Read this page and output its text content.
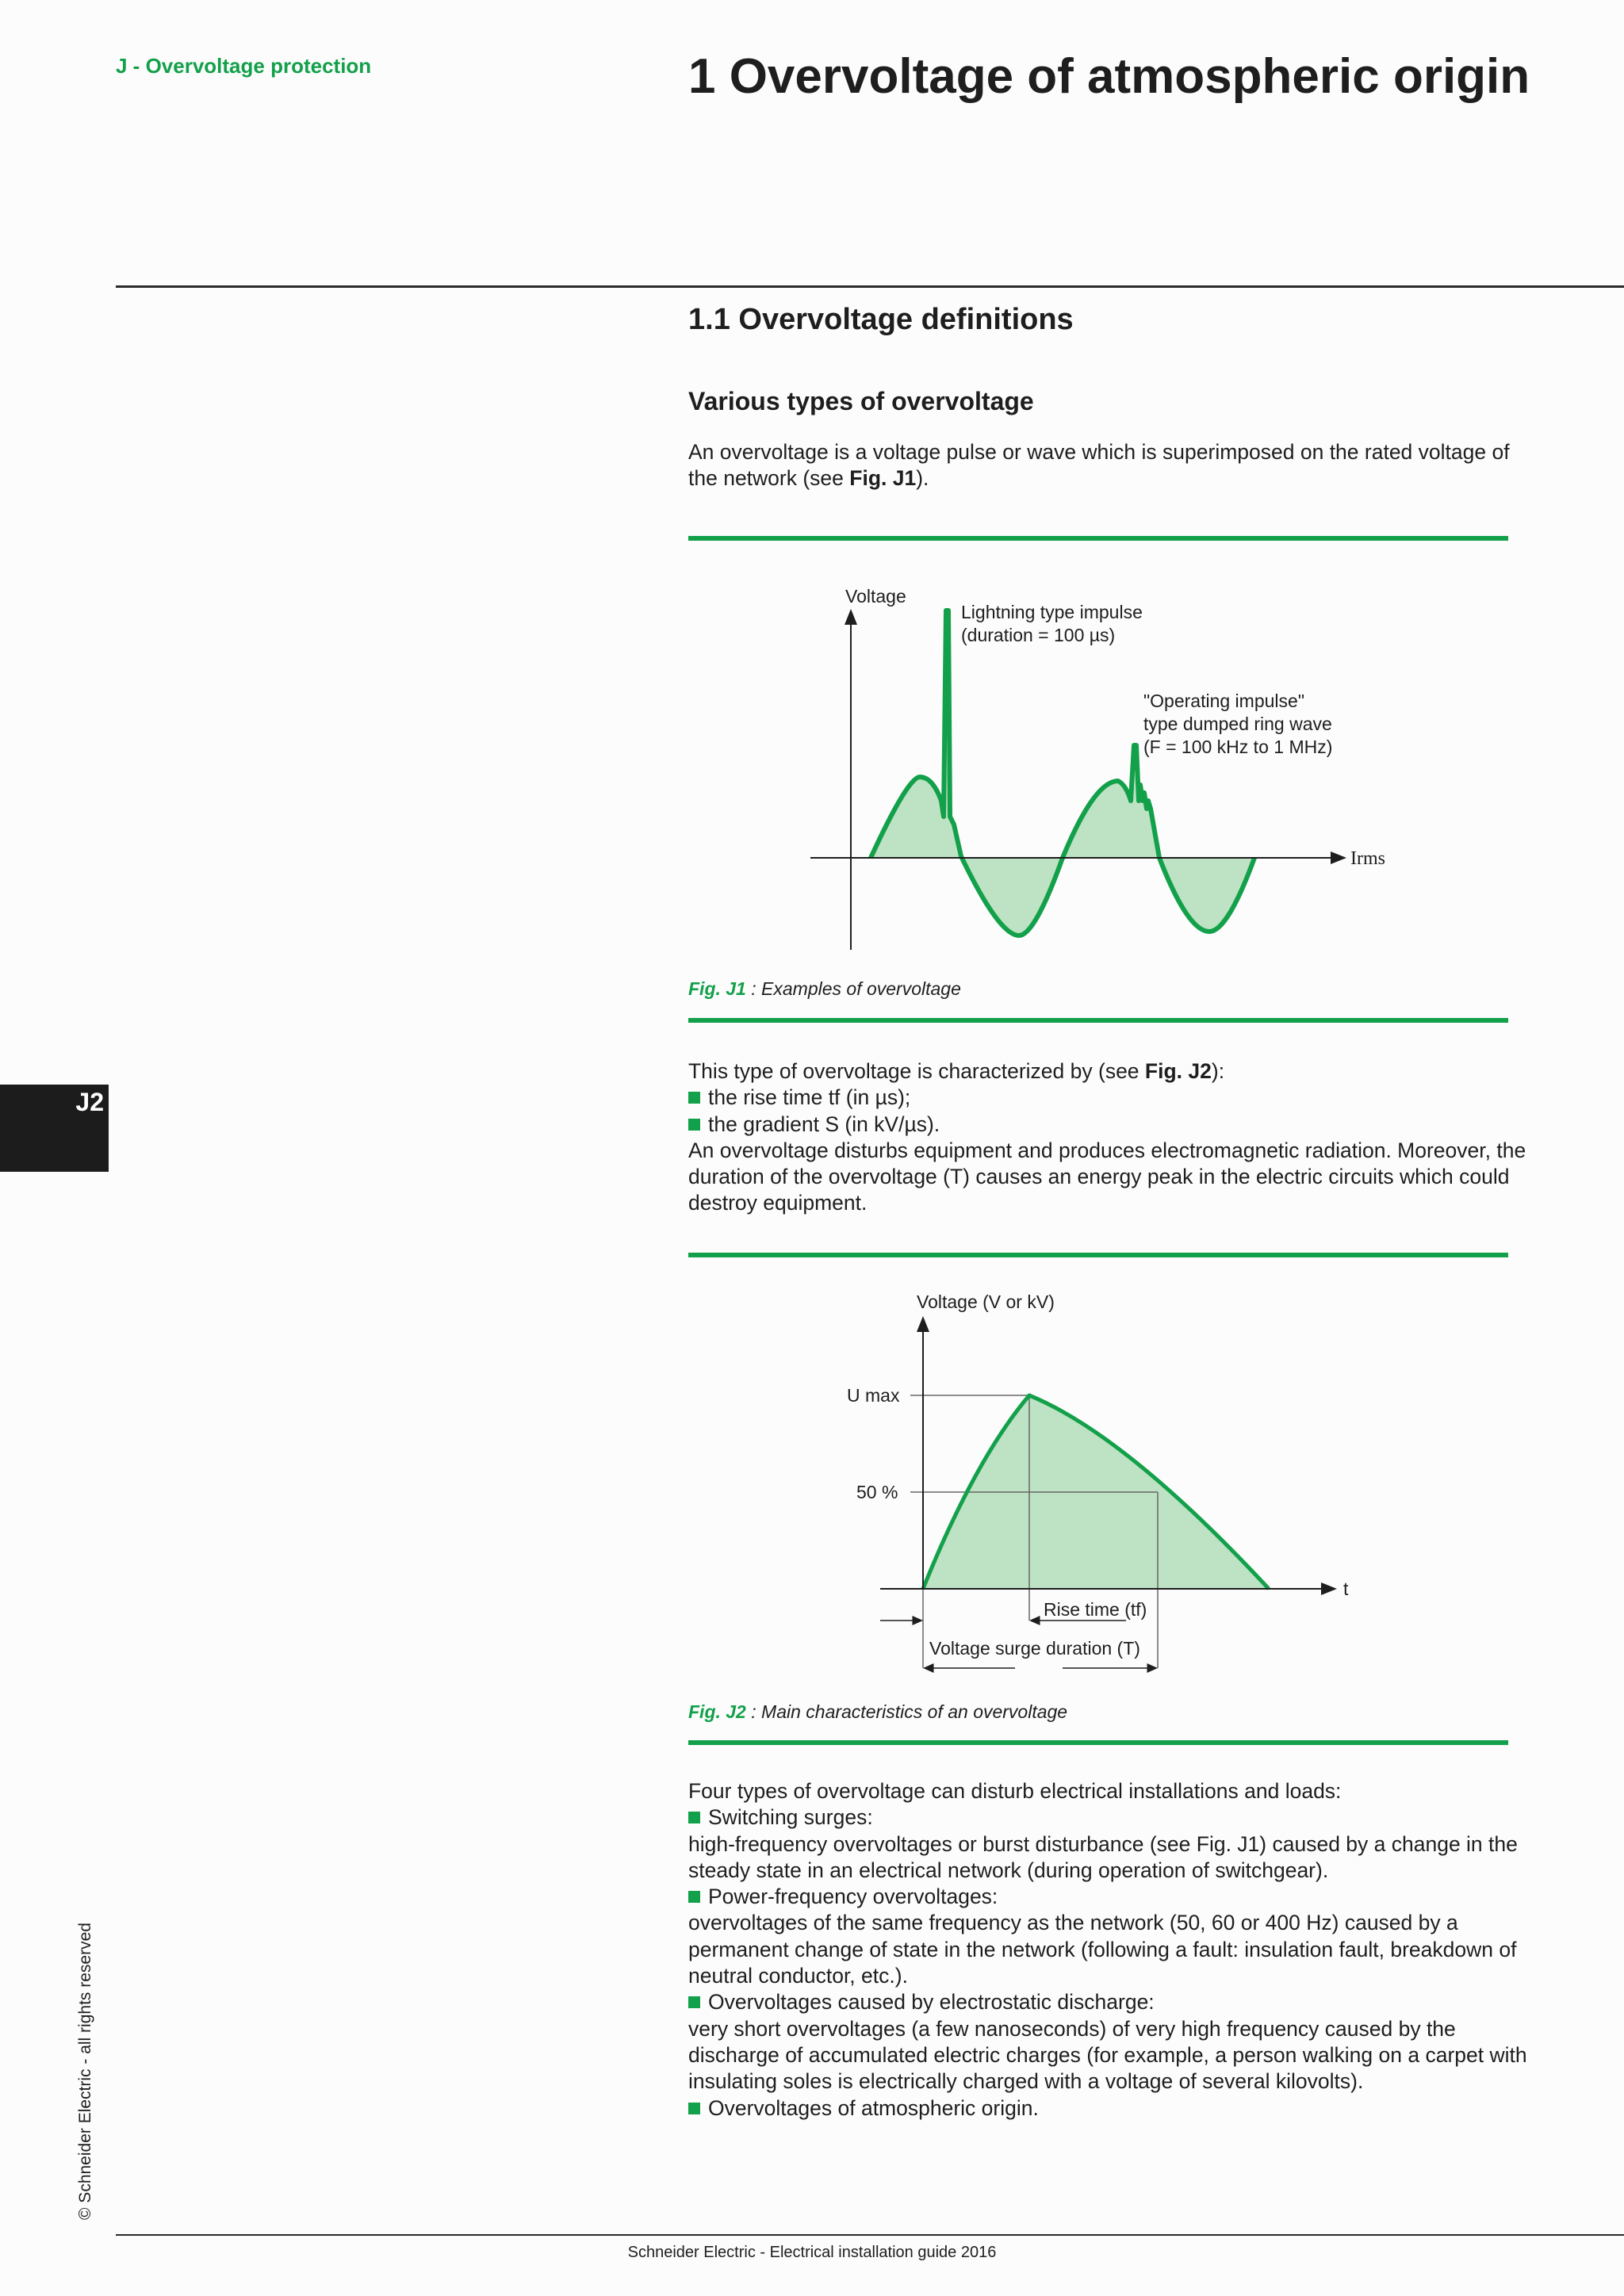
J - Overvoltage protection	1 Overvoltage of atmospheric origin
1.1 Overvoltage definitions
Various types of overvoltage
An overvoltage is a voltage pulse or wave which is superimposed on the rated voltage of the network (see Fig. J1).
Voltage
Irms
Lightning type impulse
(duration = 100 µs)
"Operating impulse"
type dumped ring wave
(F = 100 kHz to 1 MHz)
Fig. J1 : Examples of overvoltage
This type of overvoltage is characterized by (see Fig. J2):
the rise time tf (in µs);
the gradient S (in kV/µs).
An overvoltage disturbs equipment and produces electromagnetic radiation. Moreover, the duration of the overvoltage (T) causes an energy peak in the electric circuits which could destroy equipment.
Voltage (V or kV)
t
U max
50 %
Rise time (tf)
Voltage surge duration (T)
Fig. J2 : Main characteristics of an overvoltage
Four types of overvoltage can disturb electrical installations and loads:
Switching surges:
high-frequency overvoltages or burst disturbance (see Fig. J1) caused by a change in the steady state in an electrical network (during operation of switchgear).
Power-frequency overvoltages:
overvoltages of the same frequency as the network (50, 60 or 400 Hz) caused by a permanent change of state in the network (following a fault: insulation fault, breakdown of neutral conductor, etc.).
Overvoltages caused by electrostatic discharge:
very short overvoltages (a few nanoseconds) of very high frequency caused by the discharge of accumulated electric charges (for example, a person walking on a carpet with insulating soles is electrically charged with a voltage of several kilovolts).
Overvoltages of atmospheric origin.
J2
© Schneider Electric - all rights reserved
Schneider Electric - Electrical installation guide 2016
